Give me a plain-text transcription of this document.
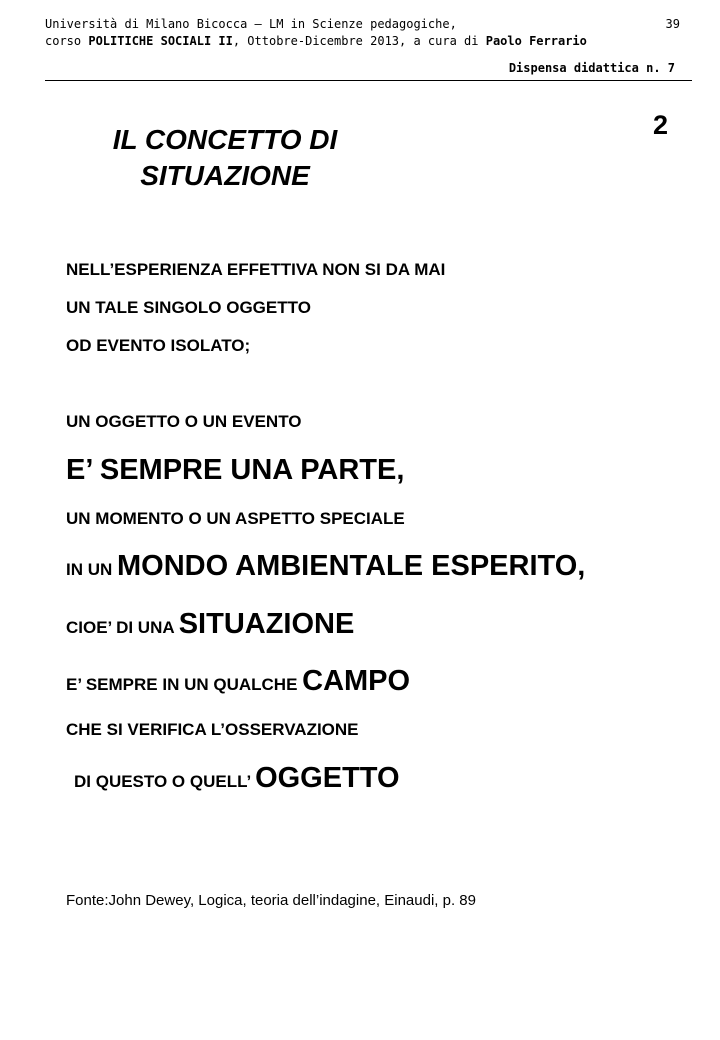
Università di Milano Bicocca – LM in Scienze pedagogiche,
corso POLITICHE SOCIALI II, Ottobre-Dicembre 2013, a cura di Paolo Ferrario
39
Dispensa didattica n. 7
2
IL CONCETTO DI
SITUAZIONE
NELL’ESPERIENZA EFFETTIVA NON SI DA MAI
UN TALE SINGOLO OGGETTO
OD EVENTO ISOLATO;
UN OGGETTO O UN EVENTO
E’ SEMPRE UNA PARTE,
UN MOMENTO O UN ASPETTO SPECIALE
IN UN MONDO AMBIENTALE ESPERITO,
CIOE’ DI UNA SITUAZIONE
E’ SEMPRE IN UN QUALCHE CAMPO
CHE SI VERIFICA L’OSSERVAZIONE
DI QUESTO O QUELL’ OGGETTO
Fonte:John Dewey, Logica, teoria dell’indagine, Einaudi, p. 89
